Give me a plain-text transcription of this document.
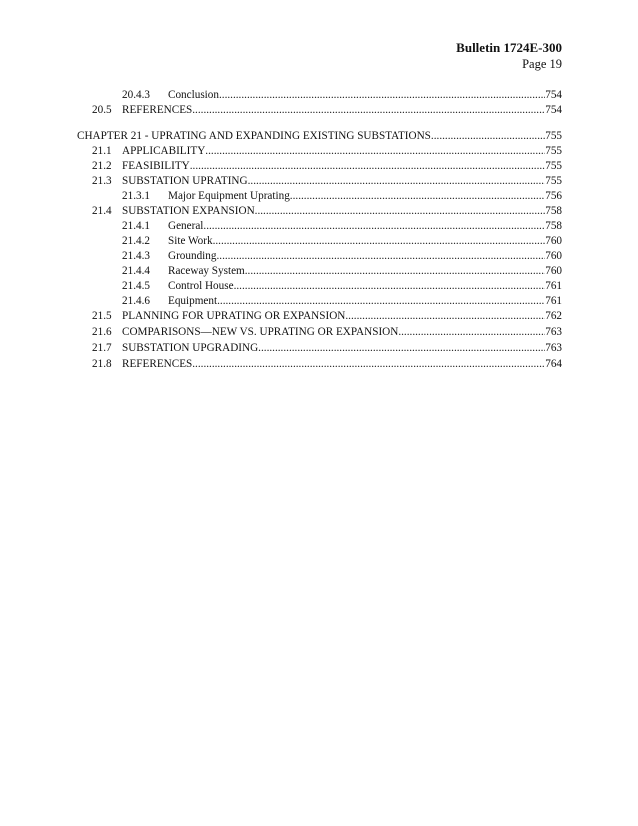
Bulletin 1724E-300
Page 19
20.4.3 Conclusion .....	754
20.5 REFERENCES .....	754
CHAPTER 21 - UPRATING AND EXPANDING EXISTING SUBSTATIONS .....	755
21.1 APPLICABILITY .....	755
21.2 FEASIBILITY .....	755
21.3 SUBSTATION UPRATING .....	755
21.3.1 Major Equipment Uprating .....	756
21.4 SUBSTATION EXPANSION .....	758
21.4.1 General .....	758
21.4.2 Site Work .....	760
21.4.3 Grounding .....	760
21.4.4 Raceway System .....	760
21.4.5 Control House .....	761
21.4.6 Equipment .....	761
21.5 PLANNING FOR UPRATING OR EXPANSION .....	762
21.6 COMPARISONS—NEW VS. UPRATING OR EXPANSION .....	763
21.7 SUBSTATION UPGRADING .....	763
21.8 REFERENCES .....	764
